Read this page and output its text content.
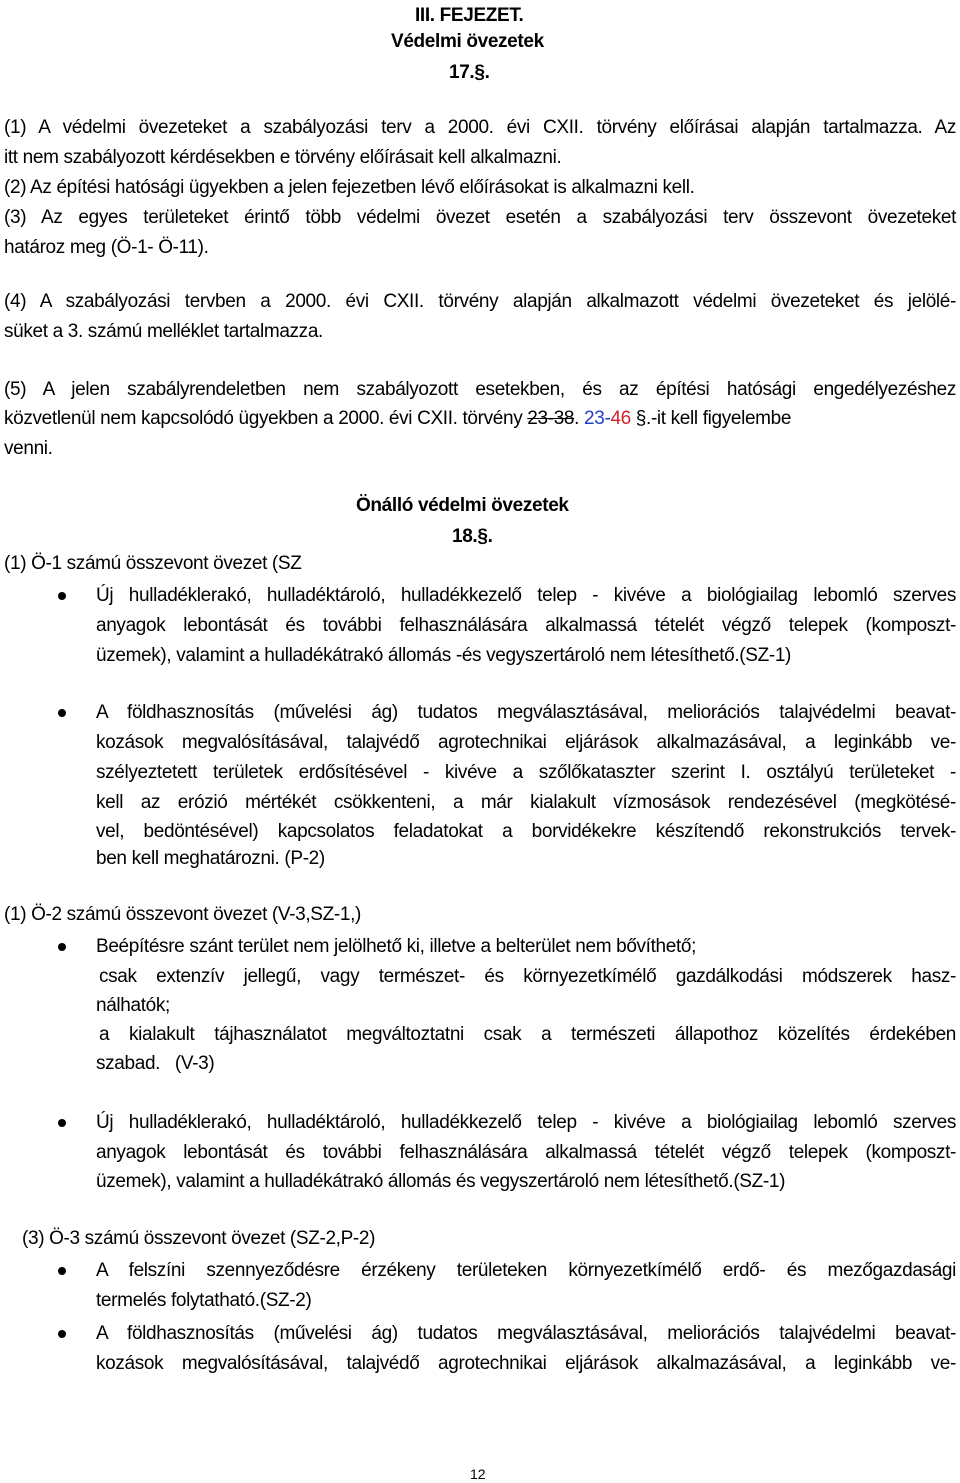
III. FEJEZET.
Védelmi övezetek
17.§.
(1) A védelmi övezeteket a szabályozási terv a 2000. évi CXII. törvény előírásai alapján tartalmazza. Az
itt nem szabályozott kérdésekben e törvény előírásait kell alkalmazni.
(2) Az építési hatósági ügyekben a jelen fejezetben lévő előírásokat is alkalmazni kell.
(3) Az egyes területeket érintő több védelmi övezet esetén a szabályozási terv összevont övezeteket
határoz meg (Ö-1- Ö-11).
(4) A szabályozási tervben a 2000. évi CXII. törvény alapján alkalmazott védelmi övezeteket és jelölé-
süket a 3. számú melléklet tartalmazza.
(5) A jelen szabályrendeletben nem szabályozott esetekben, és az építési hatósági engedélyezéshez
közvetlenül nem kapcsolódó ügyekben a 2000. évi CXII. törvény 23-38. 23-46 §.-it kell figyelembe
venni.
Önálló védelmi övezetek
18.§.
(1) Ö-1 számú összevont övezet (SZ
Új hulladéklerakó, hulladéktároló, hulladékkezelő telep - kivéve a biológiailag lebomló szerves
anyagok lebontását és további felhasználására alkalmassá tételét végző telepek (komposzt-
üzemek), valamint a hulladékátrakó állomás -és vegyszertároló nem létesíthető.(SZ-1)
A földhasznosítás (művelési ág) tudatos megválasztásával, meliorációs talajvédelmi beavat-
kozások megvalósításával, talajvédő agrotechnikai eljárások alkalmazásával, a leginkább ve-
szélyeztetett területek erdősítésével - kivéve a szőlőkataszter szerint I. osztályú területeket -
kell az erózió mértékét csökkenteni, a már kialakult vízmosások rendezésével (megkötésé-
vel, bedöntésével) kapcsolatos feladatokat a borvidékekre készítendő rekonstrukciós tervek-
ben kell meghatározni. (P-2)
(1) Ö-2 számú összevont övezet (V-3,SZ-1,)
Beépítésre szánt terület nem jelölhető ki, illetve a belterület nem bővíthető;
csak extenzív jellegű, vagy természet- és környezetkímélő gazdálkodási módszerek hasz-
nálhatók;
a kialakult tájhasználatot megváltoztatni csak a természeti állapothoz közelítés érdekében
szabad.   (V-3)
Új hulladéklerakó, hulladéktároló, hulladékkezelő telep - kivéve a biológiailag lebomló szerves
anyagok lebontását és további felhasználására alkalmassá tételét végző telepek (komposzt-
üzemek), valamint a hulladékátrakó állomás és vegyszertároló nem létesíthető.(SZ-1)
(3) Ö-3 számú összevont övezet (SZ-2,P-2)
A felszíni szennyeződésre érzékeny területeken környezetkímélő erdő- és mezőgazdasági
termelés folytatható.(SZ-2)
A földhasznosítás (művelési ág) tudatos megválasztásával, meliorációs talajvédelmi beavat-
kozások megvalósításával, talajvédő agrotechnikai eljárások alkalmazásával, a leginkább ve-
12
